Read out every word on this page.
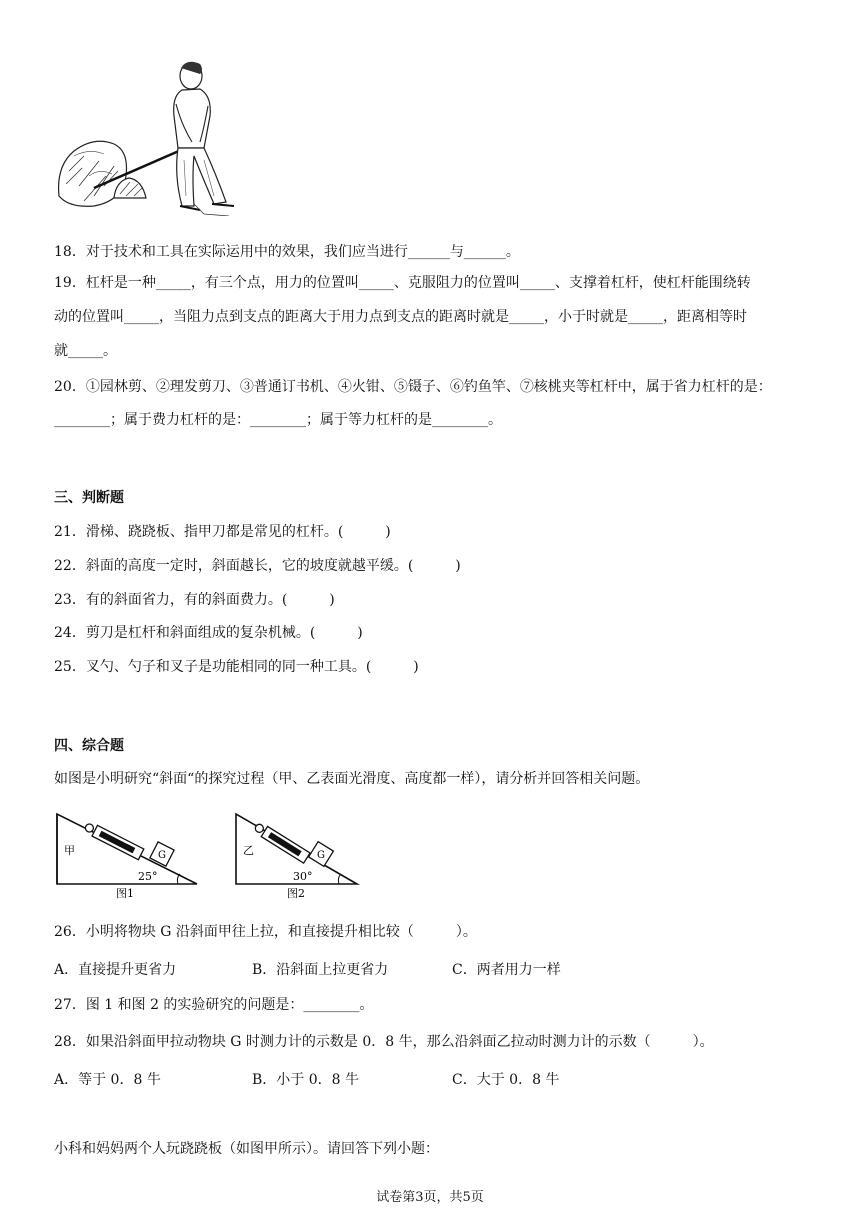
18．对于技术和工具在实际运用中的效果，我们应当进行______与______。
19．杠杆是一种_____，有三个点，用力的位置叫_____、克服阻力的位置叫_____、支撑着杠杆，使杠杆能围绕转
动的位置叫_____，当阻力点到支点的距离大于用力点到支点的距离时就是_____，小于时就是_____，距离相等时
就_____。
20．①园林剪、②理发剪刀、③普通订书机、④火钳、⑤镊子、⑥钓鱼竿、⑦核桃夹等杠杆中，属于省力杠杆的是：
________；属于费力杠杆的是：________；属于等力杠杆的是________。
三、判断题
21．滑梯、跷跷板、指甲刀都是常见的杠杆。(　　　)
22．斜面的高度一定时，斜面越长，它的坡度就越平缓。(　　　)
23．有的斜面省力，有的斜面费力。(　　　)
24．剪刀是杠杆和斜面组成的复杂机械。(　　　)
25．叉勺、勺子和叉子是功能相同的同一种工具。(　　　)
四、综合题
如图是小明研究“斜面“的探究过程（甲、乙表面光滑度、高度都一样），请分析并回答相关问题。
G
甲
25°
图1
G
乙
30°
图2
26．小明将物块 G 沿斜面甲往上拉，和直接提升相比较（　　　）。
A．直接提升更省力	B．沿斜面上拉更省力	C．两者用力一样
27．图 1 和图 2 的实验研究的问题是：________。
28．如果沿斜面甲拉动物块 G 时测力计的示数是 0．8 牛，那么沿斜面乙拉动时测力计的示数（　　　）。
A．等于 0．8 牛	B．小于 0．8 牛	C．大于 0．8 牛
小科和妈妈两个人玩跷跷板（如图甲所示）。请回答下列小题：
试卷第3页，共5页
